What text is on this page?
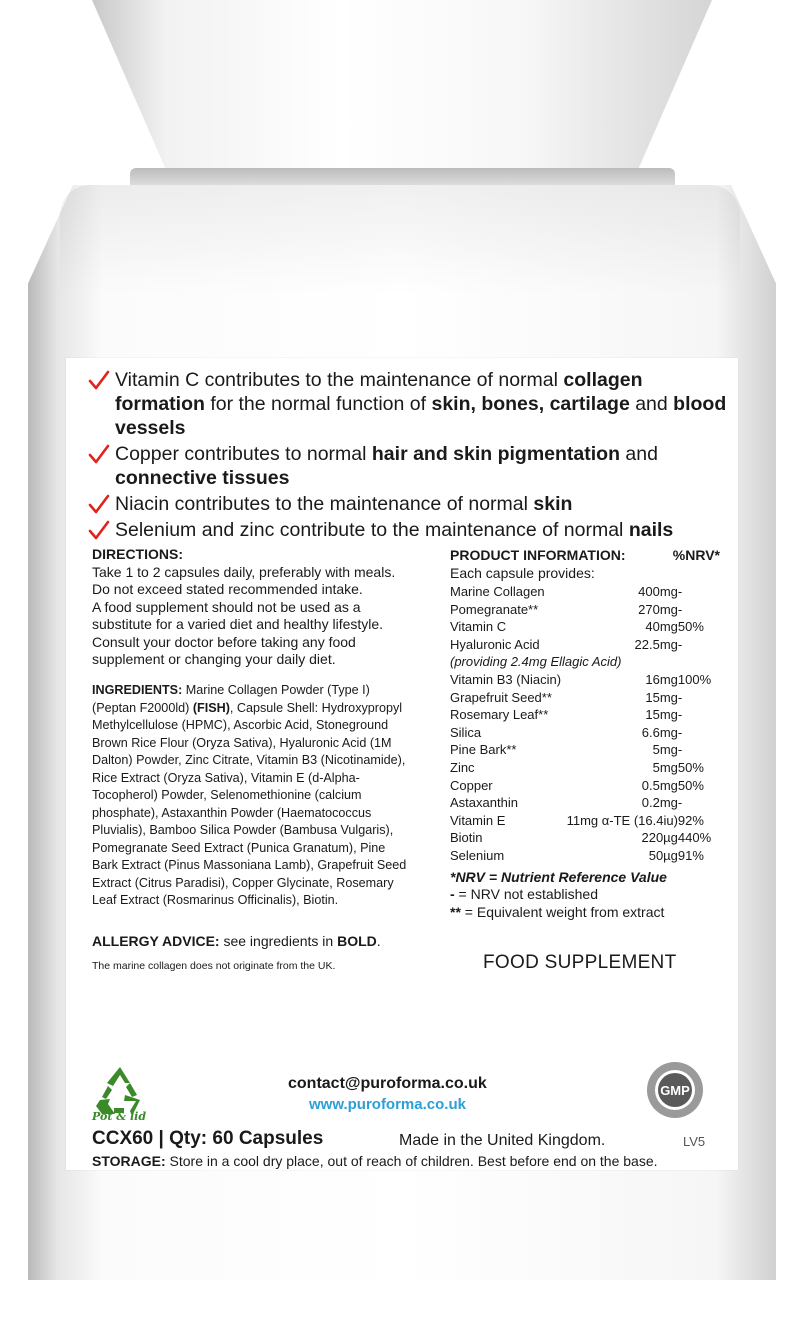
Vitamin C contributes to the maintenance of normal collagen formation for the normal function of skin, bones, cartilage and blood vessels
Copper contributes to normal hair and skin pigmentation and connective tissues
Niacin contributes to the maintenance of normal skin
Selenium and zinc contribute to the maintenance of normal nails
DIRECTIONS:
Take 1 to 2 capsules daily, preferably with meals.
Do not exceed stated recommended intake.
A food supplement should not be used as a
substitute for a varied diet and healthy lifestyle.
Consult your doctor before taking any food
supplement or changing your daily diet.
INGREDIENTS: Marine Collagen Powder (Type I) (Peptan F2000ld) (FISH), Capsule Shell: Hydroxypropyl Methylcellulose (HPMC), Ascorbic Acid, Stoneground Brown Rice Flour (Oryza Sativa), Hyaluronic Acid (1M Dalton) Powder, Zinc Citrate, Vitamin B3 (Nicotinamide), Rice Extract (Oryza Sativa), Vitamin E (d-Alpha-Tocopherol) Powder, Selenomethionine (calcium phosphate), Astaxanthin Powder (Haematococcus Pluvialis), Bamboo Silica Powder (Bambusa Vulgaris), Pomegranate Seed Extract (Punica Granatum), Pine Bark Extract (Pinus Massoniana Lamb), Grapefruit Seed Extract (Citrus Paradisi), Copper Glycinate, Rosemary Leaf Extract (Rosmarinus Officinalis), Biotin.
ALLERGY ADVICE: see ingredients in BOLD.
The marine collagen does not originate from the UK.
PRODUCT INFORMATION:	%NRV*
Each capsule provides:
Marine Collagen	400mg	-
Pomegranate**	270mg	-
Vitamin C	40mg	50%
Hyaluronic Acid	22.5mg	-
(providing 2.4mg Ellagic Acid)		
Vitamin B3 (Niacin)	16mg	100%
Grapefruit Seed**	15mg	-
Rosemary Leaf**	15mg	-
Silica	6.6mg	-
Pine Bark**	5mg	-
Zinc	5mg	50%
Copper	0.5mg	50%
Astaxanthin	0.2mg	-
Vitamin E	11mg α-TE (16.4iu)	92%
Biotin	220µg	440%
Selenium	50µg	91%
*NRV = Nutrient Reference Value
- = NRV not established
** = Equivalent weight from extract
FOOD SUPPLEMENT
Pot & lid
contact@puroforma.co.uk
www.puroforma.co.uk
GMP
CCX60 | Qty: 60 Capsules	Made in the United Kingdom.	LV5
STORAGE: Store in a cool dry place, out of reach of children. Best before end on the base.
